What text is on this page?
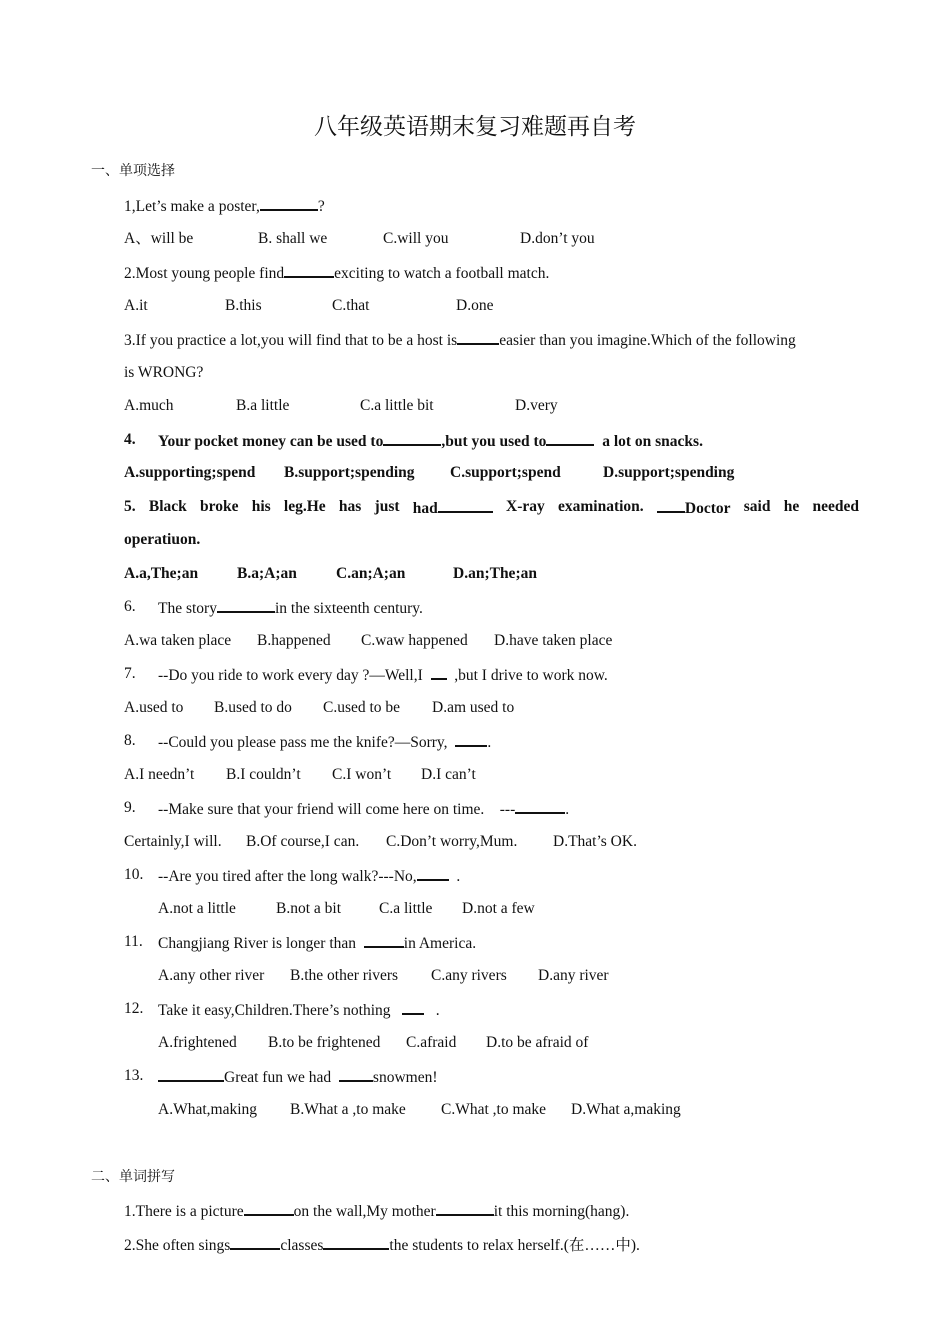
八年级英语期末复习难题再自考
一、单项选择
1,Let’s make a poster,	?
A、will be	B. shall we	C.will you	D.don’t you
2.Most young people find	exciting to watch a football match.
A.it	B.this	C.that	D.one
3.If you practice a lot,you will find that to be a host is	easier than you imagine.Which of the following
is WRONG?
A.much	B.a little	C.a little bit	D.very
4. Your pocket money can be used to	,but you used to	a lot on snacks.
A.supporting;spend B.support;spending C.support;spend	D.support;spending
5. Black broke his leg.He has just had	X-ray examination.	Doctor said he needed
operatiuon.
A.a,The;an	B.a;A;an	C.an;A;an	D.an;The;an
6. The story	in the sixteenth century.
A.wa taken place B.happened C.waw happened D.have taken place
7. --Do you ride to work every day ?—Well,I ,but I drive to work now.
A.used to B.used to do C.used to be D.am used to
8. --Could you please pass me the knife?—Sorry,	.
A.I needn’t B.I couldn’t C.I won’t D.I can’t
9. --Make sure that your friend will come here on time.    ---	.
Certainly,I will. B.Of course,I can. C.Don’t worry,Mum. D.That’s OK.
10. --Are you tired after the long walk?---No,	.
A.not a little	B.not a bit C.a little D.not a few
11. Changjiang River is longer than	in America.
A.any other river B.the other rivers C.any rivers D.any river
12. Take it easy,Children.There’s nothing	.
A.frightened B.to be frightened C.afraid D.to be afraid of
13.	Great fun we had	snowmen!
A.What,making B.What a ,to make C.What ,to make D.What a,making
二、单词拼写
1.There is a picture	on the wall,My mother	it this morning(hang).
2.She often sings	classes	the students to relax herself.(在……中).
